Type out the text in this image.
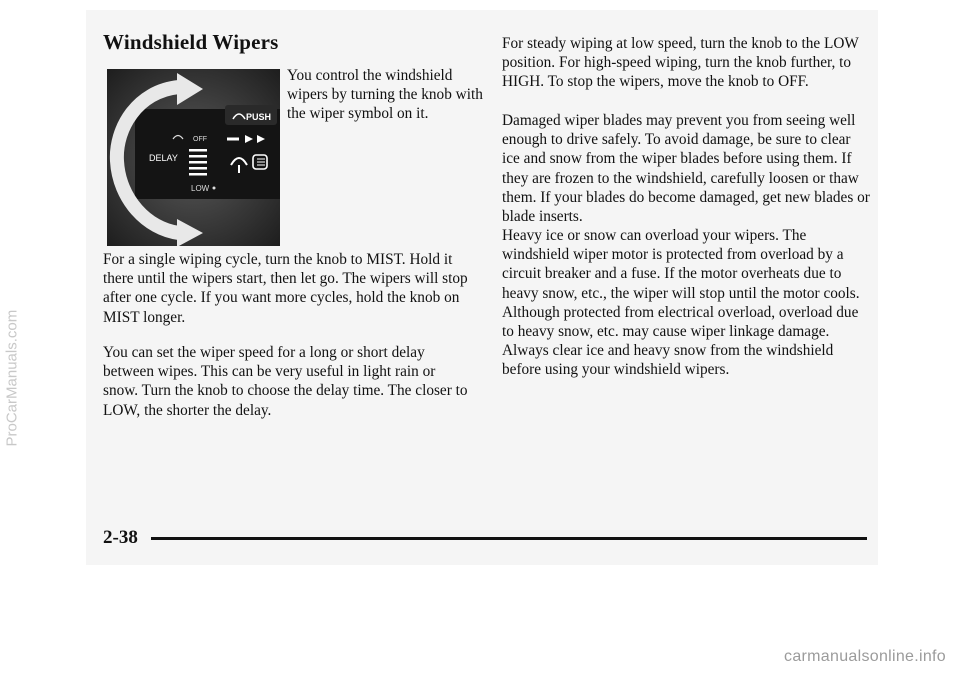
Windshield Wipers
PUSH
OFF
DELAY
LOW

You control the windshield wipers by turning the knob with the wiper symbol on it.

For a single wiping cycle, turn the knob to MIST. Hold it there until the wipers start, then let go. The wipers will stop after one cycle. If you want more cycles, hold the knob on MIST longer.

You can set the wiper speed for a long or short delay between wipes. This can be very useful in light rain or snow. Turn the knob to choose the delay time. The closer to LOW, the shorter the delay.

For steady wiping at low speed, turn the knob to the LOW position. For high-speed wiping, turn the knob further, to HIGH. To stop the wipers, move the knob to OFF.

Damaged wiper blades may prevent you from seeing well enough to drive safely. To avoid damage, be sure to clear ice and snow from the wiper blades before using them. If they are frozen to the windshield, carefully loosen or thaw them. If your blades do become damaged, get new blades or blade inserts.

Heavy ice or snow can overload your wipers. The windshield wiper motor is protected from overload by a circuit breaker and a fuse. If the motor overheats due to heavy snow, etc., the wiper will stop until the motor cools. Although protected from electrical overload, overload due to heavy snow, etc. may cause wiper linkage damage. Always clear ice and heavy snow from the windshield before using your windshield wipers.

2-38

ProCarManuals.com
carmanualsonline.info
